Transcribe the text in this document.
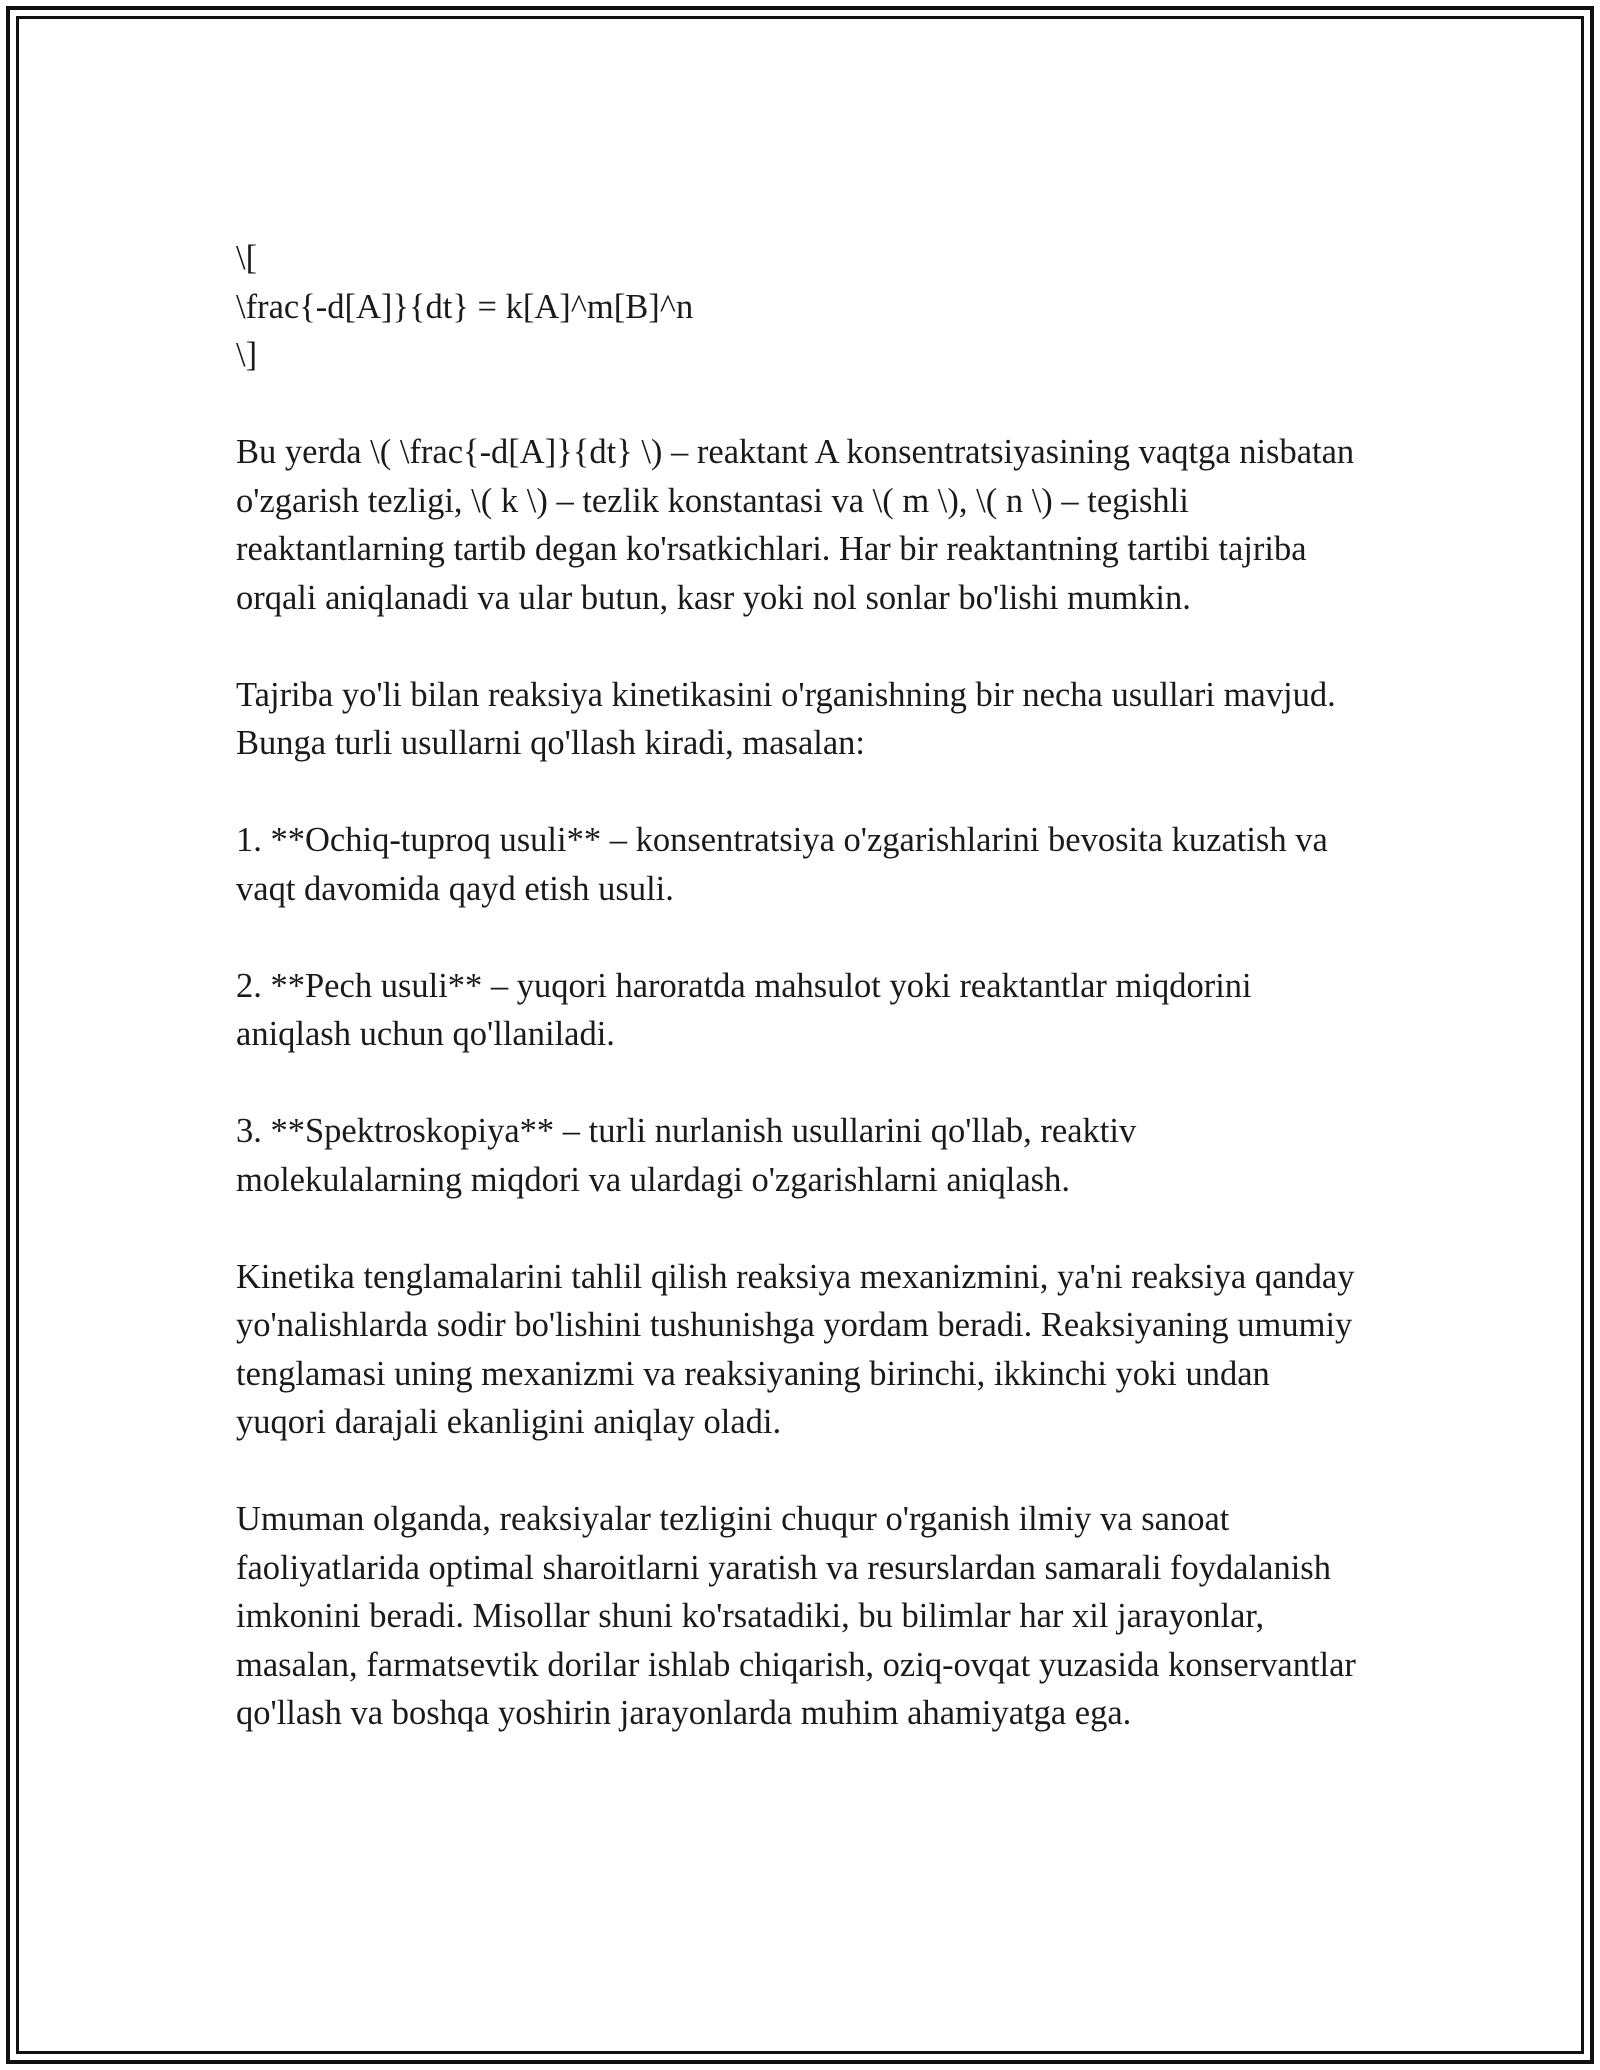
\[
\frac{-d[A]}{dt} = k[A]^m[B]^n
\]

Bu yerda \( \frac{-d[A]}{dt} \) – reaktant A konsentratsiyasining vaqtga nisbatan o'zgarish tezligi, \( k \) – tezlik konstantasi va \( m \), \( n \) – tegishli reaktantlarning tartib degan ko'rsatkichlari. Har bir reaktantning tartibi tajriba orqali aniqlanadi va ular butun, kasr yoki nol sonlar bo'lishi mumkin.

Tajriba yo'li bilan reaksiya kinetikasini o'rganishning bir necha usullari mavjud. Bunga turli usullarni qo'llash kiradi, masalan:

1. **Ochiq-tuproq usuli** – konsentratsiya o'zgarishlarini bevosita kuzatish va vaqt davomida qayd etish usuli.

2. **Pech usuli** – yuqori haroratda mahsulot yoki reaktantlar miqdorini aniqlash uchun qo'llaniladi.

3. **Spektroskopiya** – turli nurlanish usullarini qo'llab, reaktiv molekulalarning miqdori va ulardagi o'zgarishlarni aniqlash.

Kinetika tenglamalarini tahlil qilish reaksiya mexanizmini, ya'ni reaksiya qanday yo'nalishlarda sodir bo'lishini tushunishga yordam beradi. Reaksiyaning umumiy tenglamasi uning mexanizmi va reaksiyaning birinchi, ikkinchi yoki undan yuqori darajali ekanligini aniqlay oladi.

Umuman olganda, reaksiyalar tezligini chuqur o'rganish ilmiy va sanoat faoliyatlarida optimal sharoitlarni yaratish va resurslardan samarali foydalanish imkonini beradi. Misollar shuni ko'rsatadiki, bu bilimlar har xil jarayonlar, masalan, farmatsevtik dorilar ishlab chiqarish, oziq-ovqat yuzasida konservantlar qo'llash va boshqa yoshirin jarayonlarda muhim ahamiyatga ega.
